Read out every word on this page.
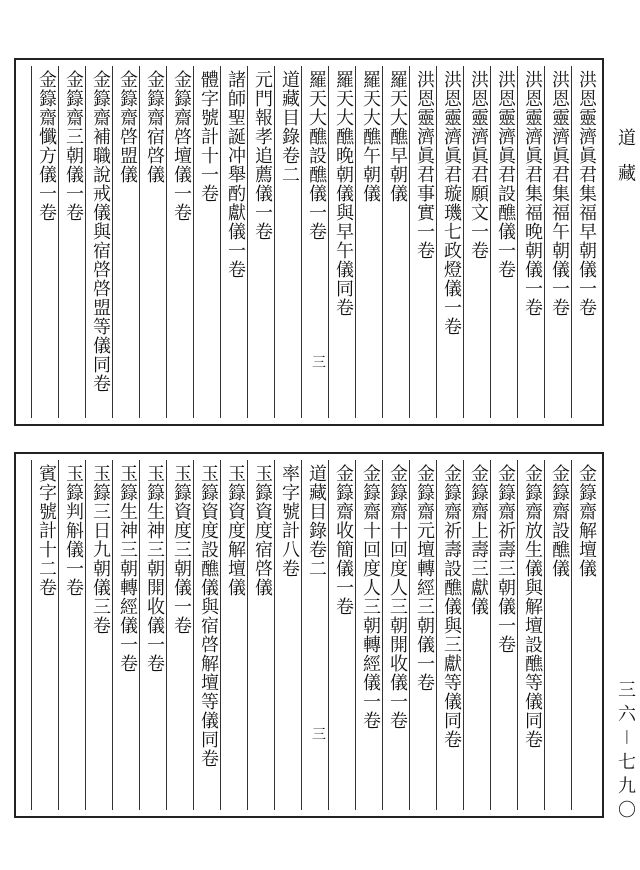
洪恩靈濟眞君集福早朝儀一卷
洪恩靈濟眞君集福午朝儀一卷
洪恩靈濟眞君集福晚朝儀一卷
洪恩靈濟眞君設醮儀一卷
洪恩靈濟眞君願文一卷
洪恩靈濟眞君璇璣七政燈儀一卷
洪恩靈濟眞君事實一卷
羅天大醮早朝儀
羅天大醮午朝儀
羅天大醮晚朝儀與早午儀同卷
羅天大醮設醮儀一卷
道藏目錄卷二
元門報孝追薦儀一卷
諸師聖誕冲舉酌獻儀一卷
體字號計十一卷
金籙齋啓壇儀一卷
金籙齋宿啓儀
金籙齋啓盟儀
金籙齋補職說戒儀與宿啓啓盟等儀同卷
金籙齋三朝儀一卷
金籙齋懺方儀一卷
三
金籙齋解壇儀
金籙齋設醮儀
金籙齋放生儀與解壇設醮等儀同卷
金籙齋祈壽三朝儀一卷
金籙齋上壽三獻儀
金籙齋祈壽設醮儀與三獻等儀同卷
金籙齋元壇轉經三朝儀一卷
金籙齋十回度人三朝開收儀一卷
金籙齋十回度人三朝轉經儀一卷
金籙齋收簡儀一卷
道藏目錄卷二
率字號計八卷
玉籙資度宿啓儀
玉籙資度解壇儀
玉籙資度設醮儀與宿啓解壇等儀同卷
玉籙資度三朝儀一卷
玉籙生神三朝開收儀一卷
玉籙生神三朝轉經儀一卷
玉籙三日九朝儀三卷
玉籙判斛儀一卷
賓字號計十二卷
三
道 藏
三六－七九〇
